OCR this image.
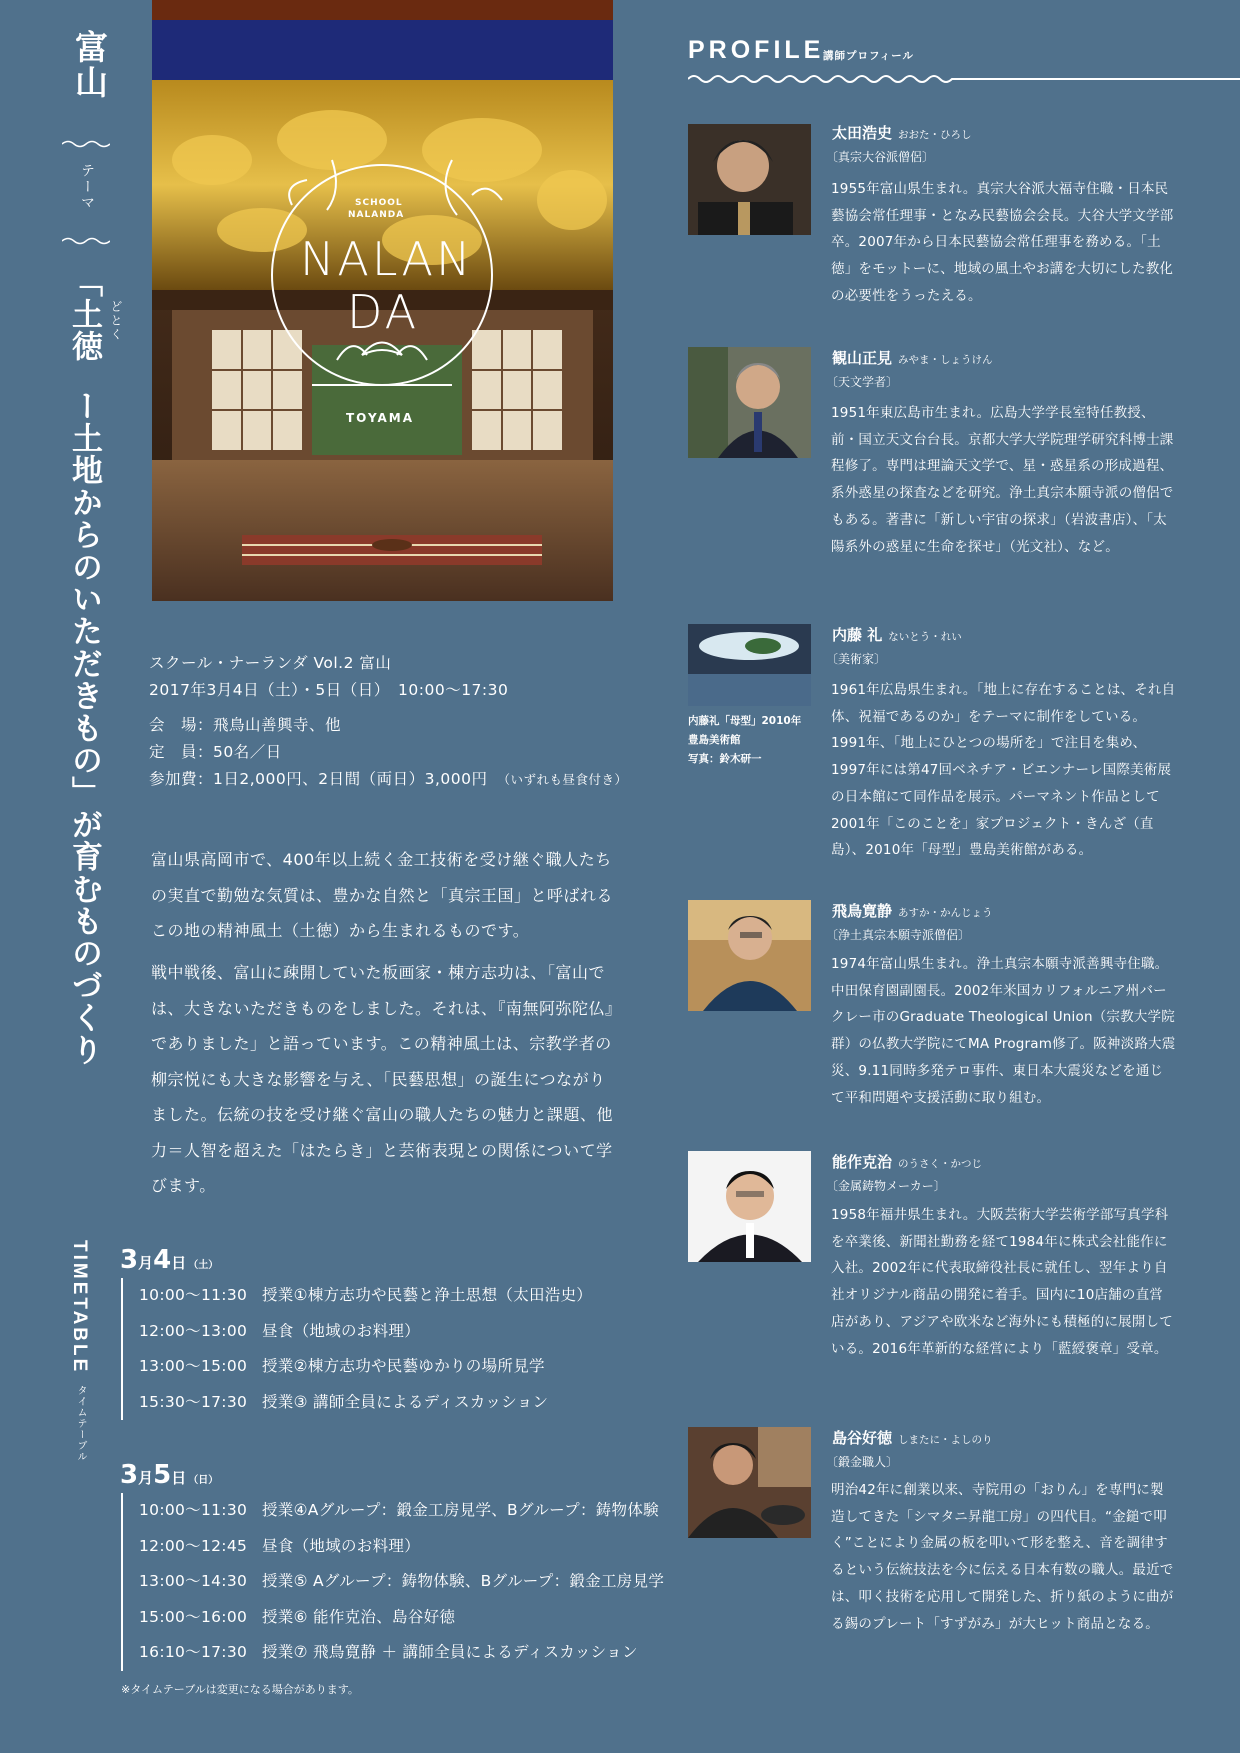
富山
テーマ
「土徳 どとく
ー土地からのいただきもの」が育むものづくり
SCHOOL
NALANDA
NALAN
DA
TOYAMA
スクール・ナーランダ Vol.2 富山
2017年3月4日（土）・5日（日）　10:00〜17:30
会　場： 飛鳥山善興寺、他
定　員： 50名／日
参加費： 1日2,000円、2日間（両日）3,000円 （いずれも昼食付き）
富山県高岡市で、400年以上続く金工技術を受け継ぐ職人たちの実直で勤勉な気質は、豊かな自然と「真宗王国」と呼ばれるこの地の精神風土（土徳）から生まれるものです。
戦中戦後、富山に疎開していた板画家・棟方志功は、「富山では、大きないただきものをしました。それは、『南無阿弥陀仏』でありました」と語っています。この精神風土は、宗教学者の柳宗悦にも大きな影響を与え、「民藝思想」の誕生につながりました。伝統の技を受け継ぐ富山の職人たちの魅力と課題、他力＝人智を超えた「はたらき」と芸術表現との関係について学びます。
TIMETABLE
タイムテーブル
3月4日 （土）
10:00〜11:30 授業①棟方志功や民藝と浄土思想（太田浩史）
12:00〜13:00 昼食（地域のお料理）
13:00〜15:00 授業②棟方志功や民藝ゆかりの場所見学
15:30〜17:30 授業③ 講師全員によるディスカッション
3月5日 （日）
10:00〜11:30 授業④Aグループ：鍛金工房見学、Bグループ：鋳物体験
12:00〜12:45 昼食（地域のお料理）
13:00〜14:30 授業⑤ Aグループ：鋳物体験、Bグループ：鍛金工房見学
15:00〜16:00 授業⑥ 能作克治、島谷好徳
16:10〜17:30 授業⑦ 飛鳥寛静 ＋ 講師全員によるディスカッション
※タイムテーブルは変更になる場合があります。
PROFILE
講師プロフィール
太田浩史 おおた・ひろし
〔真宗大谷派僧侶〕
1955年富山県生まれ。真宗大谷派大福寺住職・日本民藝協会常任理事・となみ民藝協会会長。大谷大学文学部卒。2007年から日本民藝協会常任理事を務める。「土徳」をモットーに、地域の風土やお講を大切にした教化の必要性をうったえる。
観山正見 みやま・しょうけん
〔天文学者〕
1951年東広島市生まれ。広島大学学長室特任教授、前・国立天文台台長。京都大学大学院理学研究科博士課程修了。専門は理論天文学で、星・惑星系の形成過程、系外惑星の探査などを研究。浄土真宗本願寺派の僧侶でもある。著書に「新しい宇宙の探求」（岩波書店）、「太陽系外の惑星に生命を探せ」（光文社）、など。
内藤礼「母型」2010年
豊島美術館
写真：鈴木研一
内藤 礼 ないとう・れい
〔美術家〕
1961年広島県生まれ。「地上に存在することは、それ自体、祝福であるのか」をテーマに制作をしている。1991年、「地上にひとつの場所を」で注目を集め、1997年には第47回ベネチア・ビエンナーレ国際美術展の日本館にて同作品を展示。パーマネント作品として2001年「このことを」家プロジェクト・きんざ（直島）、2010年「母型」豊島美術館がある。
飛鳥寛静 あすか・かんじょう
〔浄土真宗本願寺派僧侶〕
1974年富山県生まれ。浄土真宗本願寺派善興寺住職。中田保育園副園長。2002年米国カリフォルニア州バークレー市のGraduate Theological Union（宗教大学院群）の仏教大学院にてMA Program修了。阪神淡路大震災、9.11同時多発テロ事件、東日本大震災などを通じて平和問題や支援活動に取り組む。
能作克治 のうさく・かつじ
〔金属鋳物メーカー〕
1958年福井県生まれ。大阪芸術大学芸術学部写真学科を卒業後、新聞社勤務を経て1984年に株式会社能作に入社。2002年に代表取締役社長に就任し、翌年より自社オリジナル商品の開発に着手。国内に10店舗の直営店があり、アジアや欧米など海外にも積極的に展開している。2016年革新的な経営により「藍綬褒章」受章。
島谷好徳 しまたに・よしのり
〔鍛金職人〕
明治42年に創業以来、寺院用の「おりん」を専門に製造してきた「シマタニ昇龍工房」の四代目。“金鎚で叩く”ことにより金属の板を叩いて形を整え、音を調律するという伝統技法を今に伝える日本有数の職人。最近では、叩く技術を応用して開発した、折り紙のように曲がる錫のプレート「すずがみ」が大ヒット商品となる。
